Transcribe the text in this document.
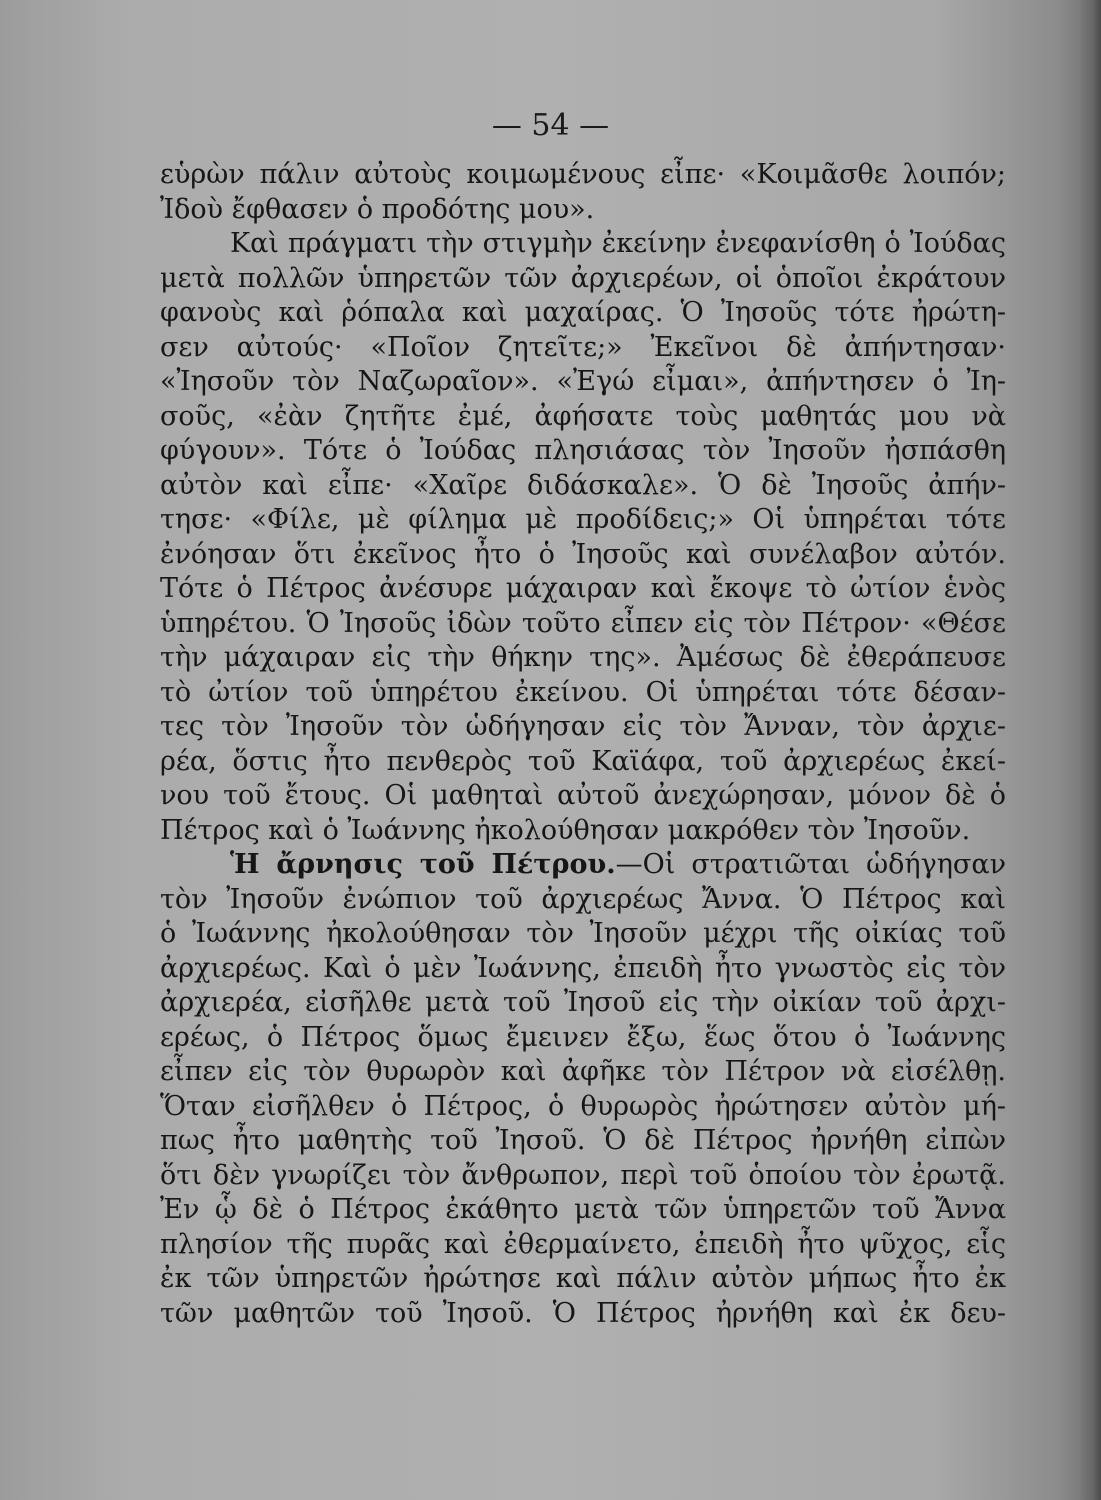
— 54 —
εὑρὼν πάλιν αὐτοὺς κοιμωμένους εἶπε· «Κοιμᾶσθε λοιπόν;
Ἰδοὺ ἔφθασεν ὁ προδότης μου».
Καὶ πράγματι τὴν στιγμὴν ἐκείνην ἐνεφανίσθη ὁ Ἰούδας
μετὰ πολλῶν ὑπηρετῶν τῶν ἀρχιερέων, οἱ ὁποῖοι ἐκράτουν
φανοὺς καὶ ῥόπαλα καὶ μαχαίρας. Ὁ Ἰησοῦς τότε ἠρώτη-
σεν αὐτούς· «Ποῖον ζητεῖτε;» Ἐκεῖνοι δὲ ἀπήντησαν·
«Ἰησοῦν τὸν Ναζωραῖον». «Ἐγώ εἶμαι», ἀπήντησεν ὁ Ἰη-
σοῦς, «ἐὰν ζητῆτε ἐμέ, ἀφήσατε τοὺς μαθητάς μου νὰ
φύγουν». Τότε ὁ Ἰούδας πλησιάσας τὸν Ἰησοῦν ἠσπάσθη
αὐτὸν καὶ εἶπε· «Χαῖρε διδάσκαλε». Ὁ δὲ Ἰησοῦς ἀπήν-
τησε· «Φίλε, μὲ φίλημα μὲ προδίδεις;» Οἱ ὑπηρέται τότε
ἐνόησαν ὅτι ἐκεῖνος ἦτο ὁ Ἰησοῦς καὶ συνέλαβον αὐτόν.
Τότε ὁ Πέτρος ἀνέσυρε μάχαιραν καὶ ἔκοψε τὸ ὠτίον ἑνὸς
ὑπηρέτου. Ὁ Ἰησοῦς ἰδὼν τοῦτο εἶπεν εἰς τὸν Πέτρον· «Θέσε
τὴν μάχαιραν εἰς τὴν θήκην της». Ἀμέσως δὲ ἐθεράπευσε
τὸ ὠτίον τοῦ ὑπηρέτου ἐκείνου. Οἱ ὑπηρέται τότε δέσαν-
τες τὸν Ἰησοῦν τὸν ὡδήγησαν εἰς τὸν Ἄνναν, τὸν ἀρχιε-
ρέα, ὅστις ἦτο πενθερὸς τοῦ Καϊάφα, τοῦ ἀρχιερέως ἐκεί-
νου τοῦ ἔτους. Οἱ μαθηταὶ αὐτοῦ ἀνεχώρησαν, μόνον δὲ ὁ
Πέτρος καὶ ὁ Ἰωάννης ἠκολούθησαν μακρόθεν τὸν Ἰησοῦν.
Ἡ ἄρνησις τοῦ Πέτρου.—Οἱ στρατιῶται ὡδήγησαν
τὸν Ἰησοῦν ἐνώπιον τοῦ ἀρχιερέως Ἄννα. Ὁ Πέτρος καὶ
ὁ Ἰωάννης ἠκολούθησαν τὸν Ἰησοῦν μέχρι τῆς οἰκίας τοῦ
ἀρχιερέως. Καὶ ὁ μὲν Ἰωάννης, ἐπειδὴ ἦτο γνωστὸς εἰς τὸν
ἀρχιερέα, εἰσῆλθε μετὰ τοῦ Ἰησοῦ εἰς τὴν οἰκίαν τοῦ ἀρχι-
ερέως, ὁ Πέτρος ὅμως ἔμεινεν ἔξω, ἕως ὅτου ὁ Ἰωάννης
εἶπεν εἰς τὸν θυρωρὸν καὶ ἀφῆκε τὸν Πέτρον νὰ εἰσέλθῃ.
Ὅταν εἰσῆλθεν ὁ Πέτρος, ὁ θυρωρὸς ἠρώτησεν αὐτὸν μή-
πως ἦτο μαθητὴς τοῦ Ἰησοῦ. Ὁ δὲ Πέτρος ἠρνήθη εἰπὼν
ὅτι δὲν γνωρίζει τὸν ἄνθρωπον, περὶ τοῦ ὁποίου τὸν ἐρωτᾷ.
Ἐν ᾧ δὲ ὁ Πέτρος ἐκάθητο μετὰ τῶν ὑπηρετῶν τοῦ Ἄννα
πλησίον τῆς πυρᾶς καὶ ἐθερμαίνετο, ἐπειδὴ ἦτο ψῦχος, εἷς
ἐκ τῶν ὑπηρετῶν ἠρώτησε καὶ πάλιν αὐτὸν μήπως ἦτο ἐκ
τῶν μαθητῶν τοῦ Ἰησοῦ. Ὁ Πέτρος ἠρνήθη καὶ ἐκ δευ-
